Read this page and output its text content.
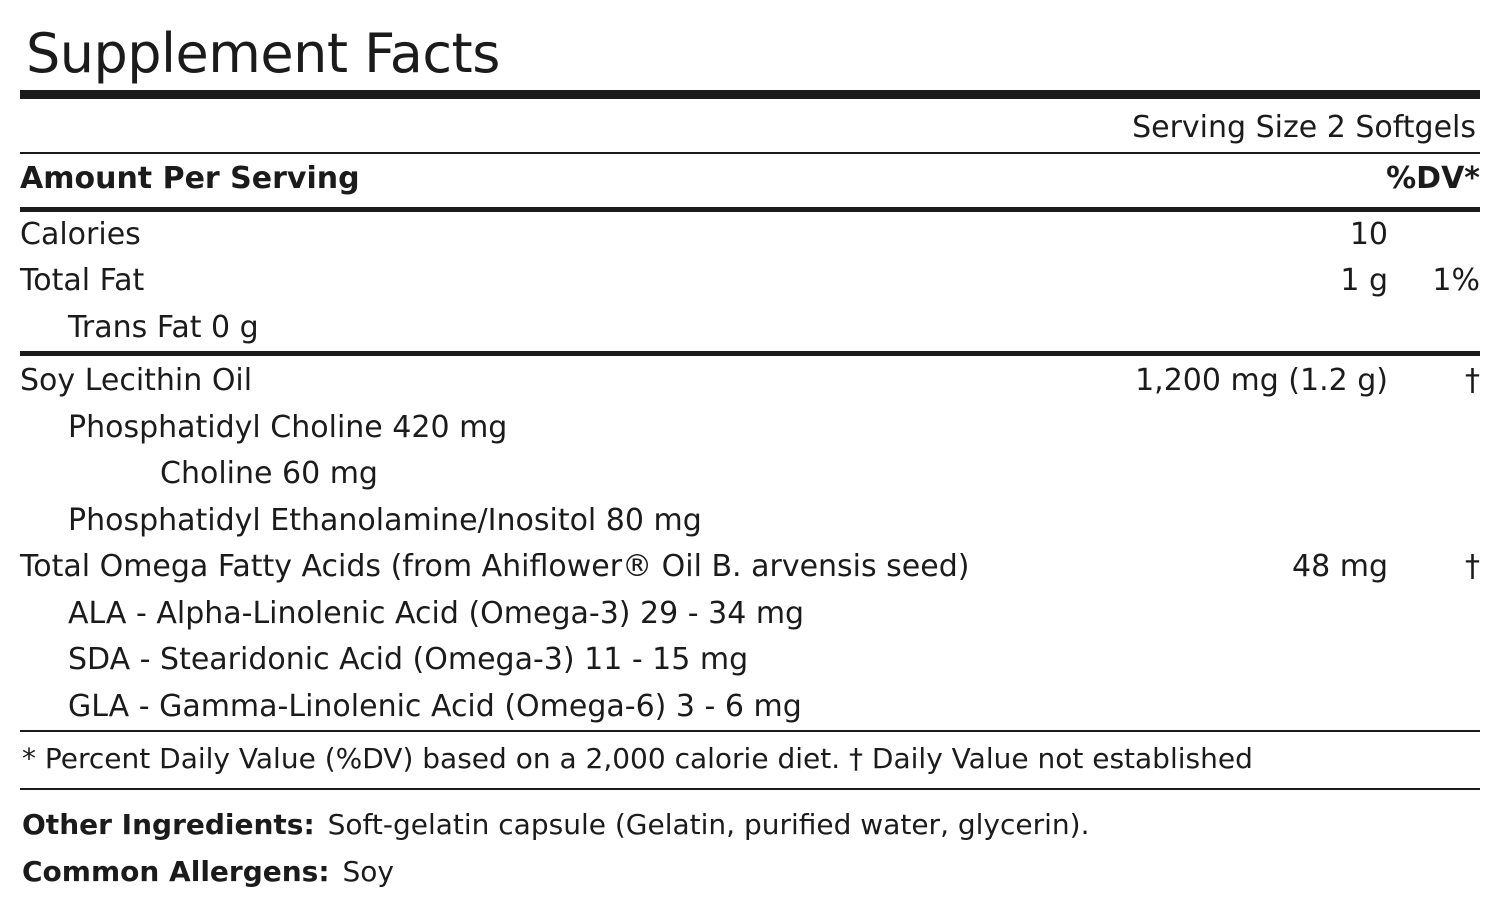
Supplement Facts
Serving Size 2 Softgels
Amount Per Serving	%DV*
Calories	10
Total Fat	1 g	1%
Trans Fat 0 g
Soy Lecithin Oil	1,200 mg (1.2 g)	†
Phosphatidyl Choline 420 mg
Choline 60 mg
Phosphatidyl Ethanolamine/Inositol 80 mg
Total Omega Fatty Acids (from Ahiflower® Oil B. arvensis seed)	48 mg	†
ALA - Alpha-Linolenic Acid (Omega-3) 29 - 34 mg
SDA - Stearidonic Acid (Omega-3) 11 - 15 mg
GLA - Gamma-Linolenic Acid (Omega-6) 3 - 6 mg
* Percent Daily Value (%DV) based on a 2,000 calorie diet. † Daily Value not established
Other Ingredients: Soft-gelatin capsule (Gelatin, purified water, glycerin).
Common Allergens: Soy
